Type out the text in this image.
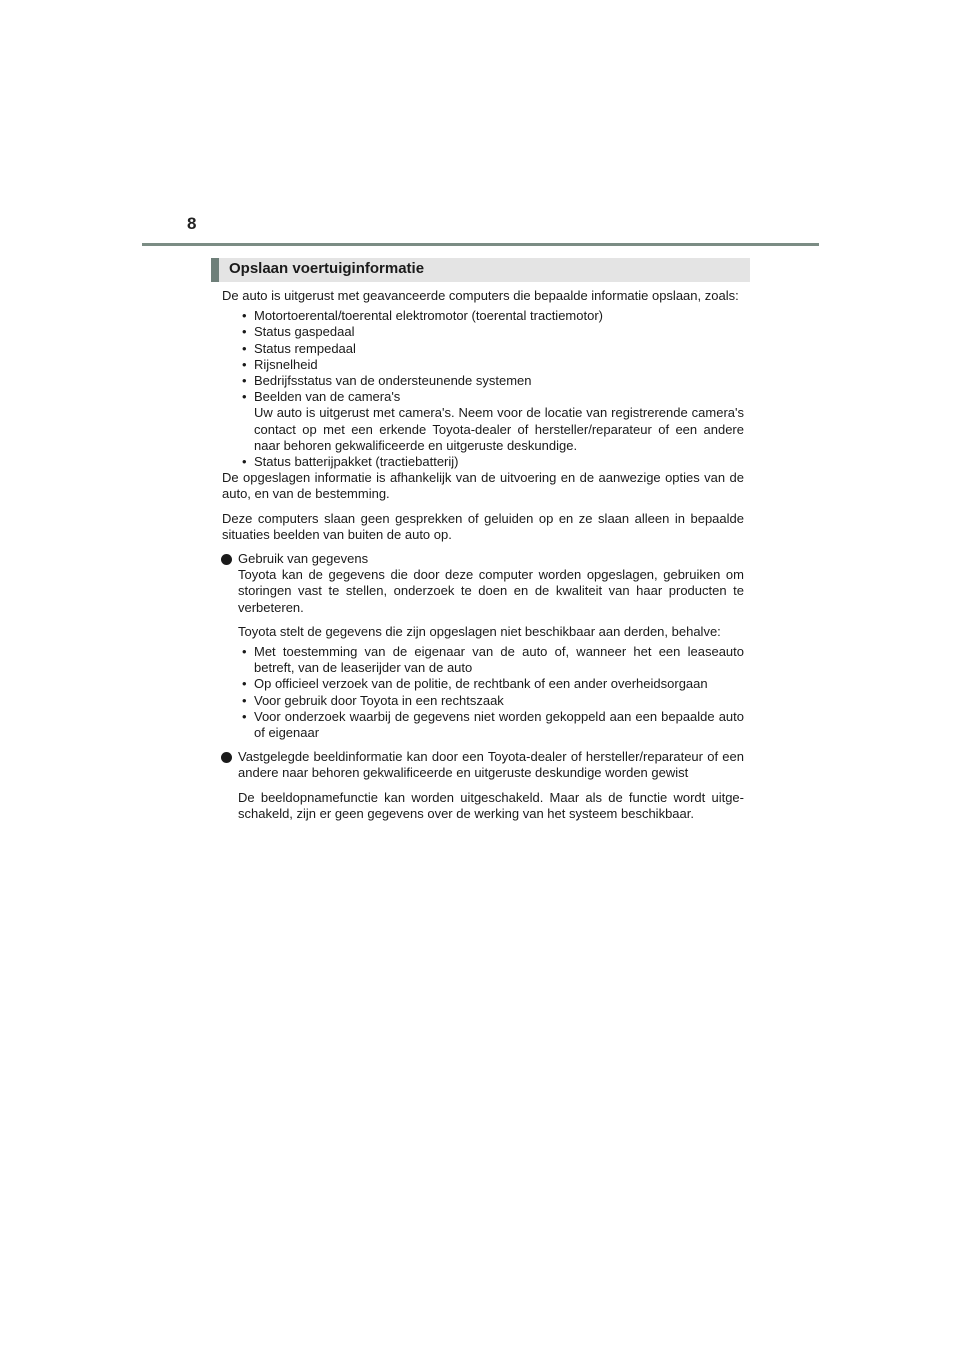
8
Opslaan voertuiginformatie
De auto is uitgerust met geavanceerde computers die bepaalde informatie opslaan, zoals:
• Motortoerental/toerental elektromotor (toerental tractiemotor)
• Status gaspedaal
• Status rempedaal
• Rijsnelheid
• Bedrijfsstatus van de ondersteunende systemen
• Beelden van de camera's
Uw auto is uitgerust met camera's. Neem voor de locatie van registrerende camera's contact op met een erkende Toyota-dealer of hersteller/reparateur of een andere naar behoren gekwalificeerde en uitgeruste deskundige.
• Status batterijpakket (tractiebatterij)
De opgeslagen informatie is afhankelijk van de uitvoering en de aanwezige opties van de auto, en van de bestemming.
Deze computers slaan geen gesprekken of geluiden op en ze slaan alleen in bepaalde situaties beelden van buiten de auto op.
Gebruik van gegevens
Toyota kan de gegevens die door deze computer worden opgeslagen, gebruiken om storingen vast te stellen, onderzoek te doen en de kwaliteit van haar producten te verbeteren.
Toyota stelt de gegevens die zijn opgeslagen niet beschikbaar aan derden, behalve:
• Met toestemming van de eigenaar van de auto of, wanneer het een leaseauto betreft, van de leaserijder van de auto
• Op officieel verzoek van de politie, de rechtbank of een ander overheidsorgaan
• Voor gebruik door Toyota in een rechtszaak
• Voor onderzoek waarbij de gegevens niet worden gekoppeld aan een bepaalde auto of eigenaar
Vastgelegde beeldinformatie kan door een Toyota-dealer of hersteller/reparateur of een andere naar behoren gekwalificeerde en uitgeruste deskundige worden gewist
De beeldopnamefunctie kan worden uitgeschakeld. Maar als de functie wordt uitge-schakeld, zijn er geen gegevens over de werking van het systeem beschikbaar.
